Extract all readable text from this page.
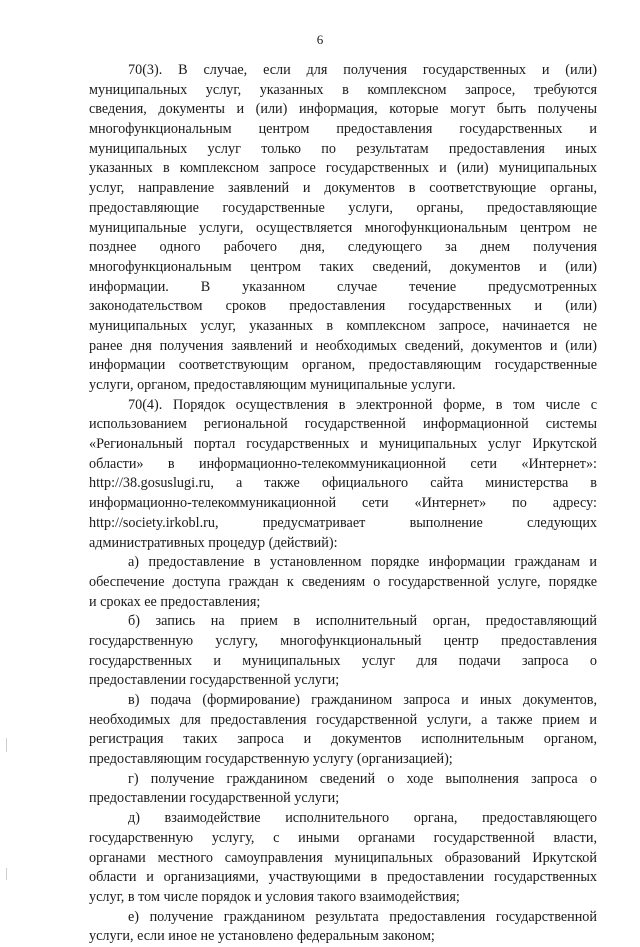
6
70(3). В случае, если для получения государственных и (или)
муниципальных услуг, указанных в комплексном запросе, требуются
сведения, документы и (или) информация, которые могут быть получены
многофункциональным центром предоставления государственных и
муниципальных услуг только по результатам предоставления иных
указанных в комплексном запросе государственных и (или) муниципальных
услуг, направление заявлений и документов в соответствующие органы,
предоставляющие государственные услуги, органы, предоставляющие
муниципальные услуги, осуществляется многофункциональным центром не
позднее одного рабочего дня, следующего за днем получения
многофункциональным центром таких сведений, документов и (или)
информации. В указанном случае течение предусмотренных
законодательством сроков предоставления государственных и (или)
муниципальных услуг, указанных в комплексном запросе, начинается не
ранее дня получения заявлений и необходимых сведений, документов и (или)
информации соответствующим органом, предоставляющим государственные
услуги, органом, предоставляющим муниципальные услуги.
70(4). Порядок осуществления в электронной форме, в том числе с
использованием региональной государственной информационной системы
«Региональный портал государственных и муниципальных услуг Иркутской
области» в информационно-телекоммуникационной сети «Интернет»:
http://38.gosuslugi.ru, а также официального сайта министерства в
информационно-телекоммуникационной сети «Интернет» по адресу:
http://society.irkobl.ru, предусматривает выполнение следующих
административных процедур (действий):
а) предоставление в установленном порядке информации гражданам и
обеспечение доступа граждан к сведениям о государственной услуге, порядке
и сроках ее предоставления;
б) запись на прием в исполнительный орган, предоставляющий
государственную услугу, многофункциональный центр предоставления
государственных и муниципальных услуг для подачи запроса о
предоставлении государственной услуги;
в) подача (формирование) гражданином запроса и иных документов,
необходимых для предоставления государственной услуги, а также прием и
регистрация таких запроса и документов исполнительным органом,
предоставляющим государственную услугу (организацией);
г) получение гражданином сведений о ходе выполнения запроса о
предоставлении государственной услуги;
д) взаимодействие исполнительного органа, предоставляющего
государственную услугу, с иными органами государственной власти,
органами местного самоуправления муниципальных образований Иркутской
области и организациями, участвующими в предоставлении государственных
услуг, в том числе порядок и условия такого взаимодействия;
е) получение гражданином результата предоставления государственной
услуги, если иное не установлено федеральным законом;
